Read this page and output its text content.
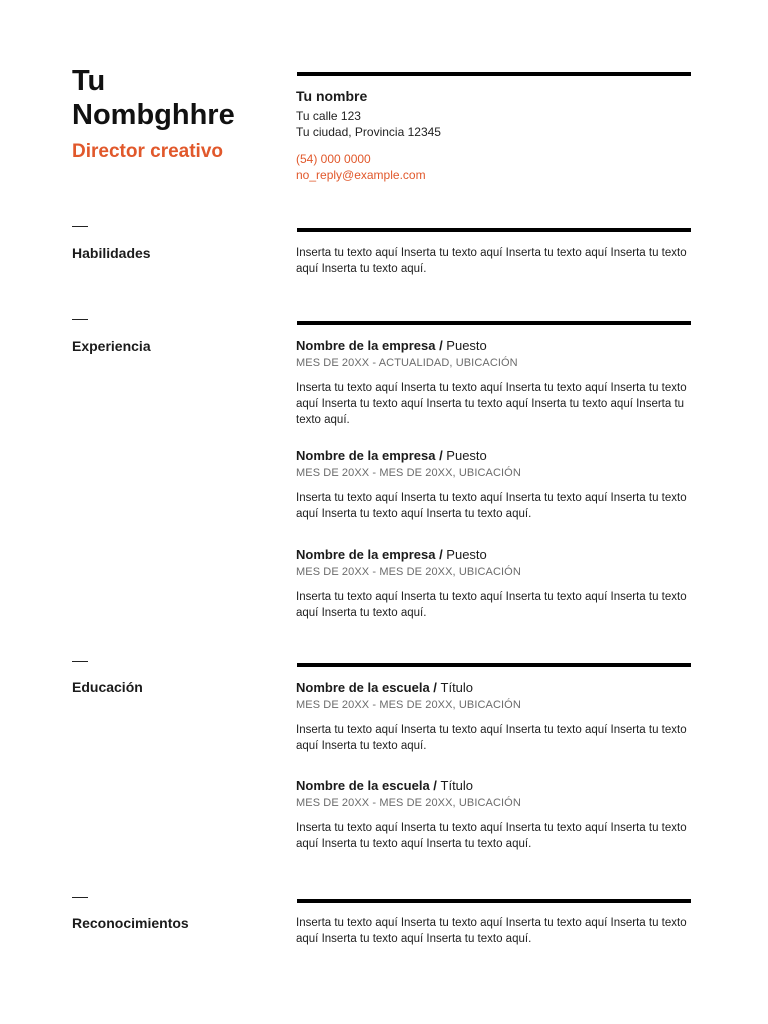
Tu
Nombghhre
Director creativo
Tu nombre
Tu calle 123
Tu ciudad, Provincia 12345
(54) 000 0000
no_reply@example.com
Habilidades	Inserta tu texto aquí Inserta tu texto aquí Inserta tu texto aquí Inserta tu texto aquí Inserta tu texto aquí.
Experiencia	Nombre de la empresa / Puesto
MES DE 20XX - ACTUALIDAD, UBICACIÓN
Inserta tu texto aquí Inserta tu texto aquí Inserta tu texto aquí Inserta tu texto aquí Inserta tu texto aquí Inserta tu texto aquí Inserta tu texto aquí Inserta tu texto aquí.
Nombre de la empresa / Puesto
MES DE 20XX - MES DE 20XX, UBICACIÓN
Inserta tu texto aquí Inserta tu texto aquí Inserta tu texto aquí Inserta tu texto aquí Inserta tu texto aquí Inserta tu texto aquí.
Nombre de la empresa / Puesto
MES DE 20XX - MES DE 20XX, UBICACIÓN
Inserta tu texto aquí Inserta tu texto aquí Inserta tu texto aquí Inserta tu texto aquí Inserta tu texto aquí.
Educación	Nombre de la escuela / Título
MES DE 20XX - MES DE 20XX, UBICACIÓN
Inserta tu texto aquí Inserta tu texto aquí Inserta tu texto aquí Inserta tu texto aquí Inserta tu texto aquí.
Nombre de la escuela / Título
MES DE 20XX - MES DE 20XX, UBICACIÓN
Inserta tu texto aquí Inserta tu texto aquí Inserta tu texto aquí Inserta tu texto aquí Inserta tu texto aquí Inserta tu texto aquí.
Reconocimientos	Inserta tu texto aquí Inserta tu texto aquí Inserta tu texto aquí Inserta tu texto aquí Inserta tu texto aquí Inserta tu texto aquí.
